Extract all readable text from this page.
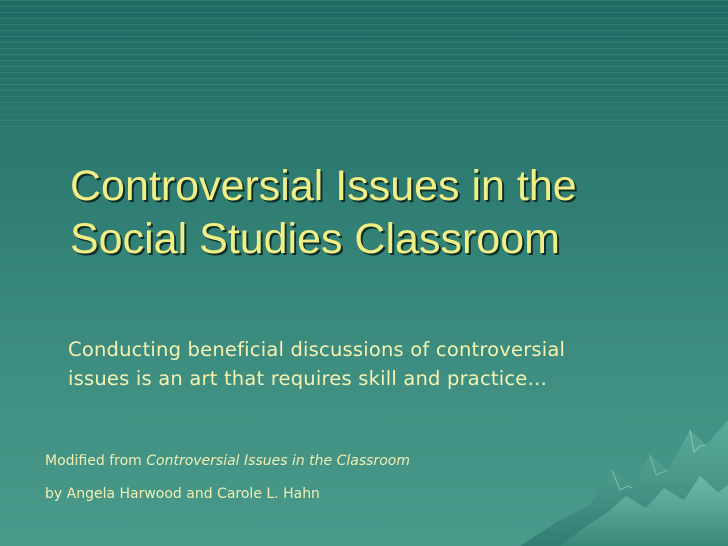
Controversial Issues in the
Social Studies Classroom

Conducting beneficial discussions of controversial
issues is an art that requires skill and practice…

Modified from Controversial Issues in the Classroom

by Angela Harwood and Carole L. Hahn
